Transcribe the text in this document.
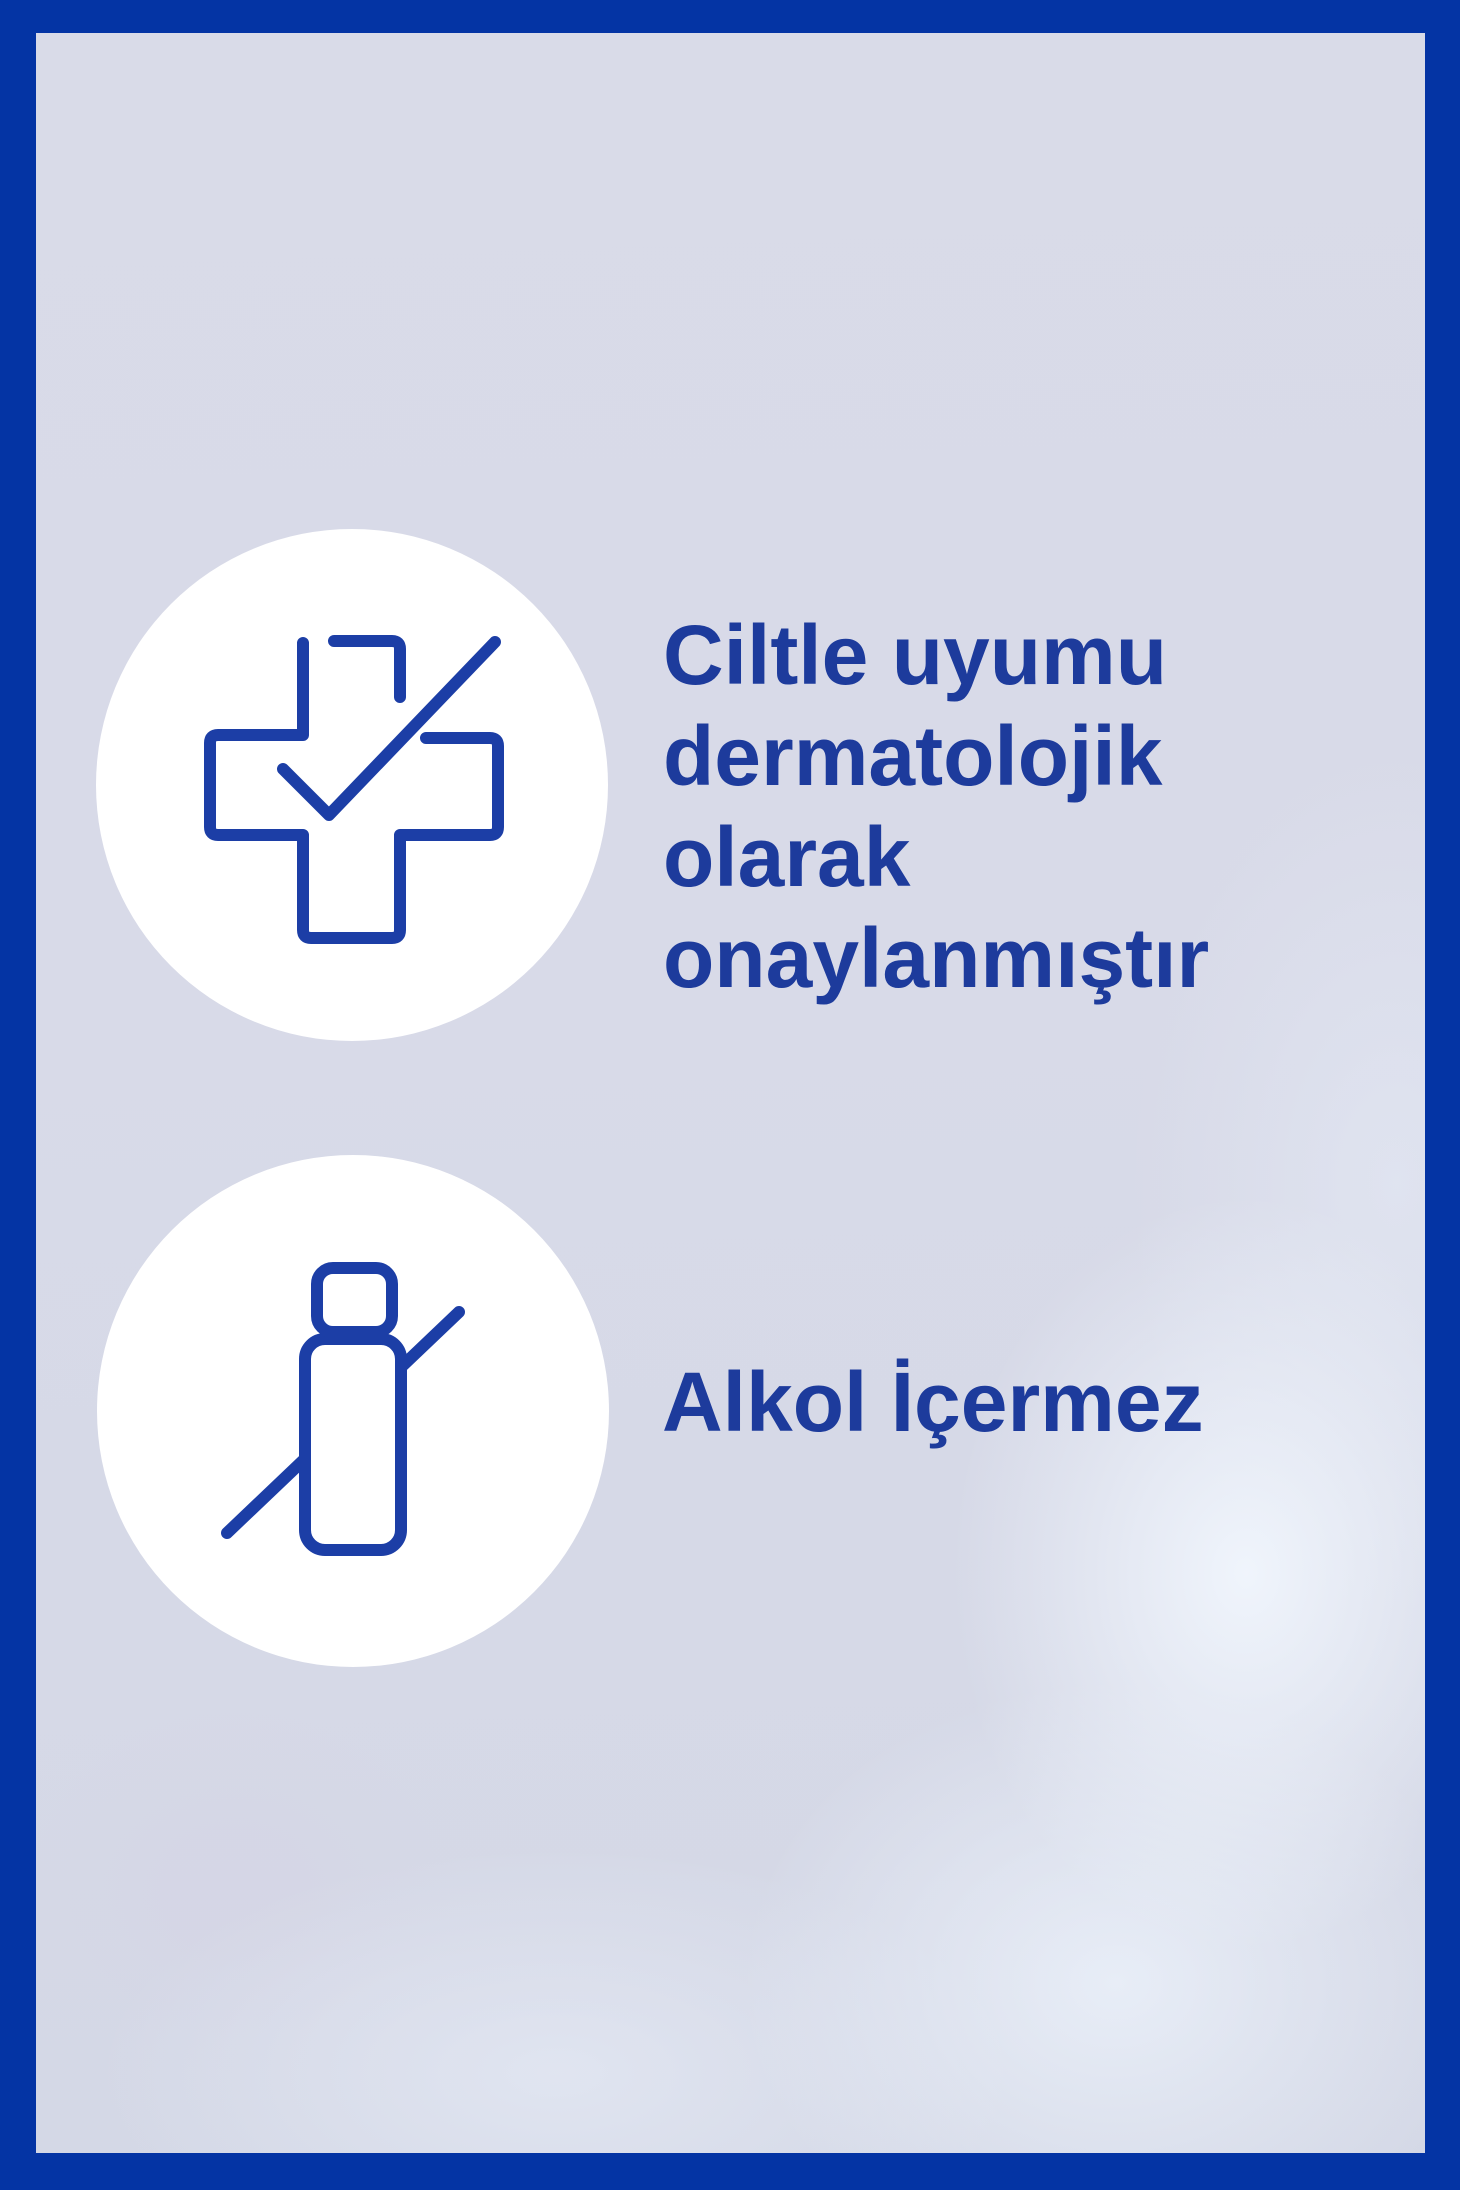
Ciltle uyumu
dermatolojik
olarak
onaylanmıştır
Alkol İçermez
